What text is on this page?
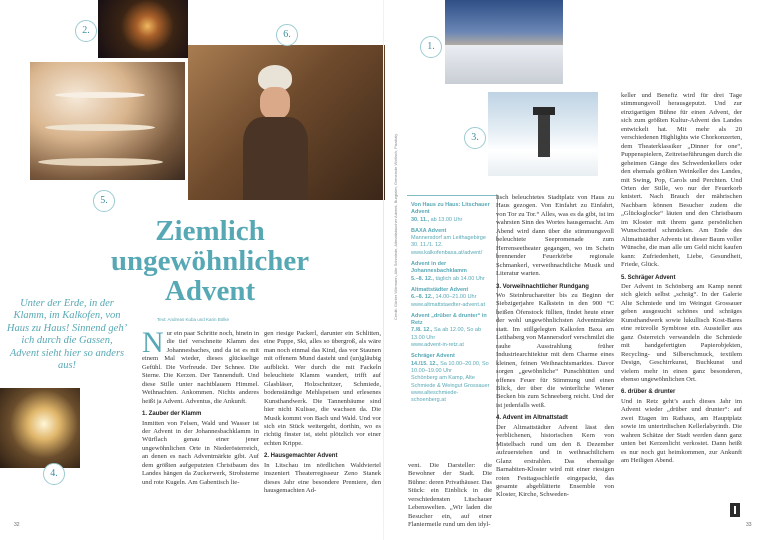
1.
2.
3.
4.
5.
6.
Ziemlich ungewöhnlicher Advent
Unter der Erde, in der Klamm, im Kalkofen, von Haus zu Haus! Sinnend geh’ ich durch die Gassen, Advent sieht hier so anders aus!
Text: Andreas Kuba und Karin Bölke
N ur ein paar Schritte noch, hinein in die tief verschneite Klamm des Johannesbaches, und da ist es mit einem Mal wieder, dieses glückselige Gefühl. Die Vorfreude. Der Schnee. Die Sterne. Die Kerzen. Der Tannenduft. Und diese Stille unter nachtblauem Himmel. Weihnachten. Ankommen. Nichts anderes heißt ja Advent. Adventus, die Ankunft.

1. Zauber der Klamm

Inmitten von Felsen, Wald und Wasser ist der Advent in der Johannesbachklamm in Würflach genau einer jener ungewöhnlichen Orte in Niederösterreich, an denen es nach Adventmärkte gibt. Auf dem größten aufgeputzten Christbaum des Landes hängen da Zuckerwerk, Strohsterne und rote Kugeln. Am Gabentisch lie-

gen riesige Packerl, darunter ein Schlitten, eine Puppe, Ski, alles so übergroß, als wäre man noch einmal das Kind, das vor Staunen mit offenem Mund dasteht und (un)gläubig aufblickt. Wer durch die mit Fackeln beleuchtete Klamm wandert, trifft auf Glasbläser, Holzschnitzer, Schmiede, bodenständige Mehlspeisen und erlesenes Kunsthandwerk. Die Tannenbäume sind hier nicht Kulisse, die wachsen da. Die Musik kommt von Bach und Wald. Und vor sich ein Stück weitergeht, dorthin, wo es richtig finster ist, steht plötzlich vor einer echten Krippe.

2. Hausgemachter Advent

In Litschau im nördlichen Waldviertel inszeniert Theaterregisseur Zeno Stanek dieses Jahr eine besondere Premiere, den hausgemachten Ad-

Credit: Günter Wörmann, Alte Schmiede, Altmattstaucher Advent, Burgtaler, Gemeinde Wolfach, Pixabaly Von Haus zu Haus: Litschauer Advent
30. 11., ab 13.00 Uhr
BAXA Advent
Mannersdorf am Leithagebirge
30. 11./1. 12. www.kalkofenbaxa.at/advent/
Advent in der Johannesbachklamm
5.–8. 12., täglich ab 14.00 Uhr
Altmattstädter Advent
6.–8. 12., 14.00–21.00 Uhr
www.altmattstaedter-advent.at
Advent „drüber & drunter“ in Retz
7./8. 12., Sa ab 12.00, So ab 13.00 Uhr
www.advent-in-retz.at
Schräger Advent
14./15. 12., Sa 10.00–20.00, So 10.00–19.00 Uhr
Schönberg am Kamp, Alte Schmiede & Weingut Grossauer www.alteschmiede-schoenberg.at

vent. Die Darsteller: die Bewohner der Stadt. Die Bühne: deren Privathäuser. Das Stück: ein Einblick in die verschiedensten Litschauer Lebenswelten. „Wir laden die Besucher ein, auf einer Flaniermeile rund um den idyl-

lisch beleuchtetes Stadtplatz von Haus zu Haus gezogen. Von Einfahrt zu Einfahrt, von Tor zu Tor.“ Alles, was es da gibt, ist im wahrsten Sinn des Wortes hausgemacht. Am Abend wird dann über die stimmungsvoll beleuchtete Seepromenade zum Herrenseetheater gegangen, wo im Schein brennender Feuerkörbe regionale Schmankerl, verweihnachtliche Musik und Literatur warten.

3. Vorweihnachtlicher Rundgang

Wo Steinbruchareiter bis zu Beginn der Siebzigerjahre Kalkstein in den 900 °C heißen Öfenstock füllten, findet heute einer der wohl ungewöhnlichsten Adventmärkte statt. Im stillgelegten Kalkofen Baxa am Leithaberg von Mannersdorf verschmilzt die rauhe Ausstrahlung früher Industriearchitektur mit dem Charme eines kleinen, feinen Weihnachtsmarktes. Davor sorgen „gewöhnliche“ Punschhütten und offenes Feuer für Stimmung und einen Blick, der über die winterliche Wiener Becken bis zum Schneeberg reicht. Und der ist jedenfalls weiß.

4. Advent im Altmattstadt

Der Altmattstädter Advent lässt den verblichenen, historischen Kern von Mistelbach rund um den 8. Dezember aufzuerstehen und in weihnachtlichem Glanz erstrahlen. Das ehemalige Barnabiten-Kloster wird mit einer riesigen roten Festtagsschleife eingepackt, das gesamte abgeblätterte Ensemble von Kloster, Kirche, Schweden-

keller und Benefiz wird für drei Tage stimmungsvoll herausgeputzt. Und zur einzigartigen Bühne für einen Advent, der sich zum größten Kultur-Advent des Landes entwickelt hat. Mit mehr als 20 verschiedenen Highlights wie Chorkonzerten, dem Theaterklassiker „Dinner for one“, Puppenspielern, Zeitreiseführungen durch die geheimen Gänge des Schwedenkellers oder den ehemals größten Weinkeller des Landes, mit Swing, Pop, Carols und Perchten. Und Orten der Stille, wo nur der Feuerkorb knistert. Nach Brauch der mährischen Nachbarn können Besucher zudem die „Glücksglocke“ läuten und den Christbaum im Kloster mit ihrem ganz persönlichen Wunschzettel schmücken. Am Ende des Altmattstädter Advents ist dieser Baum voller Wünsche, die man alle um Geld nicht kaufen kann: Zufriedenheit, Liebe, Gesundheit, Friede, Glück.

5. Schräger Advent

Der Advent in Schönberg am Kamp nennt sich gleich selbst „schräg“. In der Galerie Alte Schmiede und im Weingut Grossauer geben ausgesucht schönes und schräges Kunsthandwerk sowie lukullisch Kost-Bares eine reizvolle Symbiose ein. Aussteller aus ganz Österreich verwandeln die Schmiede mit handgefertigten Papierobjekten, Recycling- und Silberschmuck, textilem Design, Geschirrkunst, Buchkunst und vielem mehr in einen ganz besonderen, ebenso ungewöhnlichen Ort.

6. drüber & drunter

Und in Retz geht’s auch dieses Jahr im Advent wieder „drüber und drunter“: auf zwei Etagen im Rathaus, am Hauptplatz sowie im unterirdischen Kellerlabyrinth. Die wahren Schätze der Stadt werden dann ganz unten bei Kerzenlicht verkostet. Dann heißt es nur noch gut heimkommen, zur Ankunft am Heiligen Abend.

32	33
